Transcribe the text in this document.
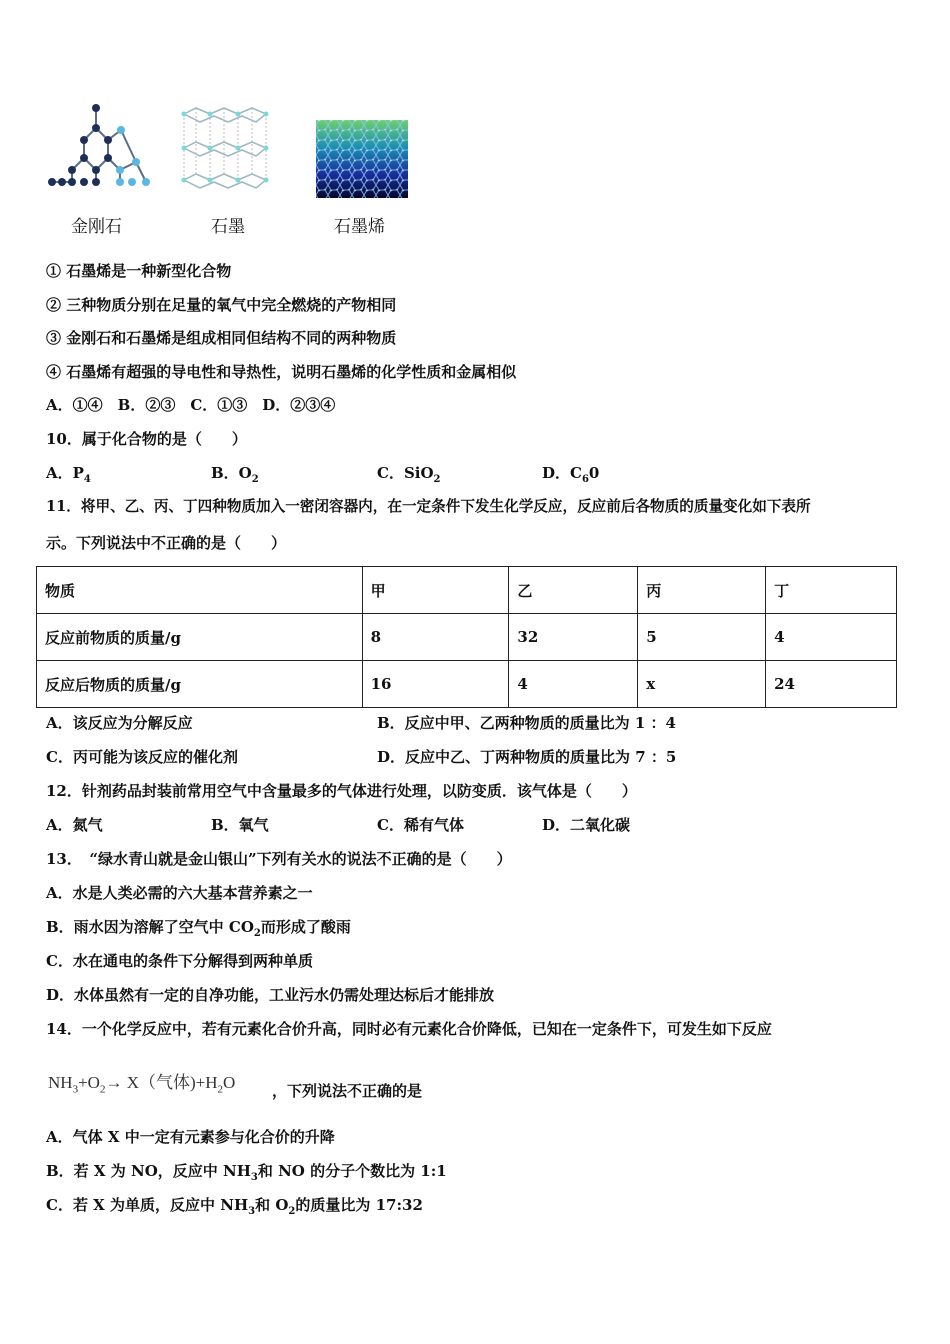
金刚石	石墨	石墨烯
① 石墨烯是一种新型化合物
② 三种物质分别在足量的氧气中完全燃烧的产物相同
③ 金刚石和石墨烯是组成相同但结构不同的两种物质
④ 石墨烯有超强的导电性和导热性，说明石墨烯的化学性质和金属相似
A．①④　B．②③　C．①③　D．②③④
10．属于化合物的是（　　）
A．$P_4$	B．$O_2$	C．SiO$_2$	D．$C_60$
11．将甲、乙、丙、丁四种物质加入一密闭容器内，在一定条件下发生化学反应，反应前后各物质的质量变化如下表所
示。下列说法中不正确的是（　　）
物质	甲	乙	丙	丁
反应前物质的质量/g	8	32	5	4
反应后物质的质量/g	16	4	x	24
A．该反应为分解反应	B．反应中甲、乙两种物质的质量比为 1 ：4
C．丙可能为该反应的催化剂	D．反应中乙、丁两种物质的质量比为 7 ：5
12．针剂药品封装前常用空气中含量最多的气体进行处理，以防变质．该气体是（　　）
A．氮气	B．氧气	C．稀有气体	D．二氧化碳
13．　“绿水青山就是金山银山”下列有关水的说法不正确的是（　　）
A．水是人类必需的六大基本营养素之一
B．雨水因为溶解了空气中 $CO_2$而形成了酸雨
C．水在通电的条件下分解得到两种单质
D．水体虽然有一定的自净功能，工业污水仍需处理达标后才能排放
14．一个化学反应中，若有元素化合价升高，同时必有元素化合价降低，已知在一定条件下，可发生如下反应
$NH_3+O_2\to X$（气体)$+H_2O$ ，下列说法不正确的是
A．气体 X 中一定有元素参与化合价的升降
B．若 X 为 NO，反应中 $NH_3$和 NO 的分子个数比为 1:1
C．若 X 为单质，反应中 $NH_3$和 $O_2$的质量比为 17:32
